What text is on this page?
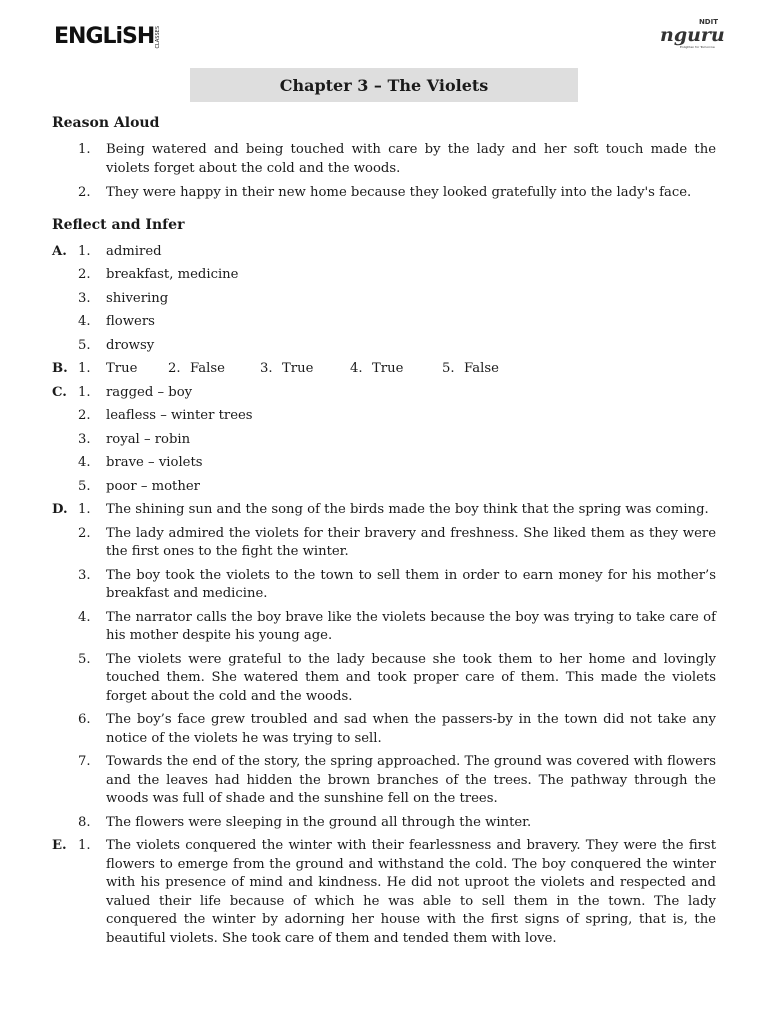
ENGLiSHCLASSES
NDIT
nguru
Enlighten for Tomorrow
Chapter 3 – The Violets
Reason Aloud
1.	Being watered and being touched with care by the lady and her soft touch made the violets forget about the cold and the woods.
2.	They were happy in their new home because they looked gratefully into the lady's face.
Reflect and Infer
A. 1.	admired
2.	breakfast, medicine
3.	shivering
4.	flowers
5.	drowsy
B. 1. True	2. False	3. True	4. True	5. False
C. 1.	ragged – boy
2.	leafless – winter trees
3.	royal – robin
4.	brave – violets
5.	poor – mother
D. 1.	The shining sun and the song of the birds made the boy think that the spring was coming.
2.	The lady admired the violets for their bravery and freshness. She liked them as they were the first ones to the fight the winter.
3.	The boy took the violets to the town to sell them in order to earn money for his mother’s breakfast and medicine.
4.	The narrator calls the boy brave like the violets because the boy was trying to take care of his mother despite his young age.
5.	The violets were grateful to the lady because she took them to her home and lovingly touched them. She watered them and took proper care of them. This made the violets forget about the cold and the woods.
6.	The boy’s face grew troubled and sad when the passers-by in the town did not take any notice of the violets he was trying to sell.
7.	Towards the end of the story, the spring approached. The ground was covered with flowers and the leaves had hidden the brown branches of the trees. The pathway through the woods was full of shade and the sunshine fell on the trees.
8.	The flowers were sleeping in the ground all through the winter.
E. 1.	The violets conquered the winter with their fearlessness and bravery. They were the first flowers to emerge from the ground and withstand the cold. The boy conquered the winter with his presence of mind and kindness. He did not uproot the violets and respected and valued their life because of which he was able to sell them in the town. The lady conquered the winter by adorning her house with the first signs of spring, that is, the beautiful violets. She took care of them and tended them with love.
